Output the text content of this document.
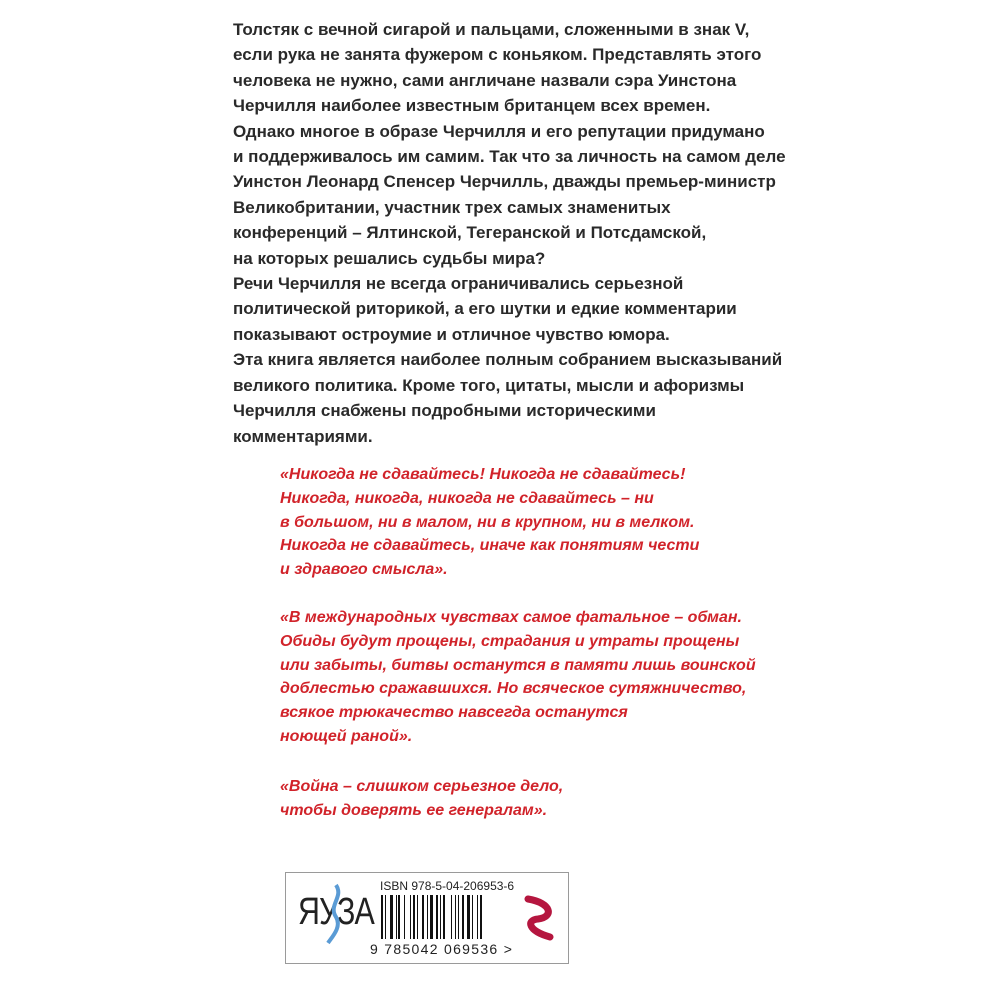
Толстяк с вечной сигарой и пальцами, сложенными в знак V,
если рука не занята фужером с коньяком. Представлять этого
человека не нужно, сами англичане назвали сэра Уинстона
Черчилля наиболее известным британцем всех времен.
Однако многое в образе Черчилля и его репутации придумано
и поддерживалось им самим. Так что за личность на самом деле
Уинстон Леонард Спенсер Черчилль, дважды премьер-министр
Великобритании, участник трех самых знаменитых
конференций – Ялтинской, Тегеранской и Потсдамской,
на которых решались судьбы мира?
Речи Черчилля не всегда ограничивались серьезной
политической риторикой, а его шутки и едкие комментарии
показывают остроумие и отличное чувство юмора.
Эта книга является наиболее полным собранием высказываний
великого политика. Кроме того, цитаты, мысли и афоризмы
Черчилля снабжены подробными историческими
комментариями.
«Никогда не сдавайтесь! Никогда не сдавайтесь!
Никогда, никогда, никогда не сдавайтесь – ни
в большом, ни в малом, ни в крупном, ни в мелком.
Никогда не сдавайтесь, иначе как понятиям чести
и здравого смысла».
«В международных чувствах самое фатальное – обман.
Обиды будут прощены, страдания и утраты прощены
или забыты, битвы останутся в памяти лишь воинской
доблестью сражавшихся. Но всяческое сутяжничество,
всякое трюкачество навсегда останутся
ноющей раной».
«Война – слишком серьезное дело,
чтобы доверять ее генералам».
ЯУЗА
ISBN 978-5-04-206953-6
9 785042 069536 >
